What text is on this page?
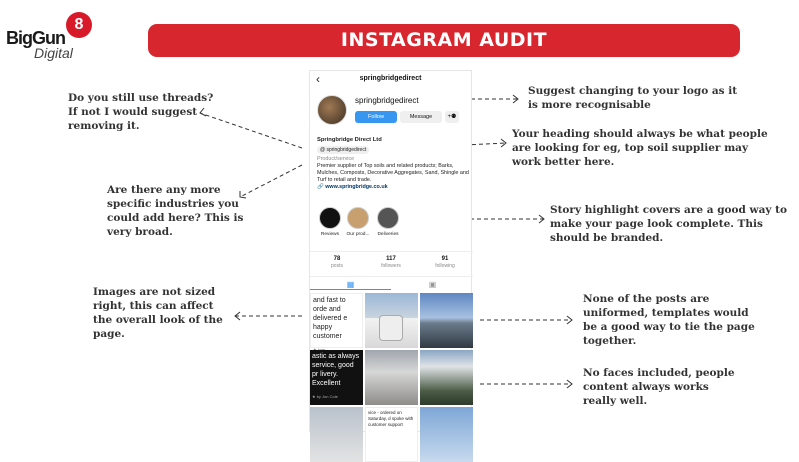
8
BigGun
Digital
INSTAGRAM AUDIT
Do you still use threads? If not I would suggest removing it.
Are there any more specific industries you could add here? This is very broad.
Images are not sized right, this can affect the overall look of the page.
Suggest changing to your logo as it is more recognisable
Your heading should always be what people are looking for eg, top soil supplier may work better here.
Story highlight covers are a good way to make your page look complete. This should be branded.
None of the posts are uniformed, templates would be a good way to tie the page together.
No faces included, people content always works really well.
‹	springbridgedirect
springbridgedirect
Follow	Message	+⚉
Springbridge Direct Ltd
@ springbridgedirect
Product/service
Premier supplier of Top soils and related products; Barks, Mulches, Composts, Decorative Aggregates, Sand, Shingle and Turf to retail and trade.
🔗 www.springbridge.co.uk
Reviews	Our prod...	Deliveries
78
posts
117
followers
91
following
▦	▣
and fast to orde and delivered e happy customer
astic as always service, good pr livery. Excellent
★ by Jon Cole
vice - ordered on Saturday, d spoke with customer support
